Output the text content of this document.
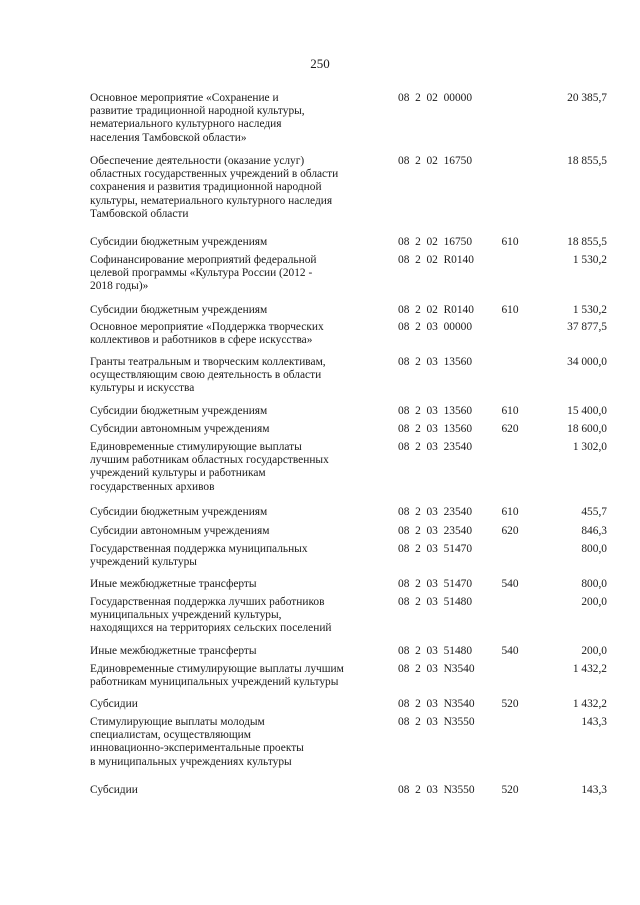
250
Основное мероприятие «Сохранение и
развитие традиционной народной культуры,
нематериального культурного наследия
населения Тамбовской области»
08  2  02  00000	20 385,7
Обеспечение деятельности (оказание услуг)
областных государственных учреждений в области
сохранения и развития традиционной народной
культуры, нематериального культурного наследия
Тамбовской области
08  2  02  16750	18 855,5
Субсидии бюджетным учреждениям	08  2  02  16750	610	18 855,5
Софинансирование мероприятий федеральной
целевой программы «Культура России (2012 -
2018 годы)»
08  2  02  R0140	1 530,2
Субсидии бюджетным учреждениям	08  2  02  R0140	610	1 530,2
Основное мероприятие «Поддержка творческих
коллективов и работников в сфере искусства»
08  2  03  00000	37 877,5
Гранты театральным и творческим коллективам,
осуществляющим свою деятельность в области
культуры и искусства
08  2  03  13560	34 000,0
Субсидии бюджетным учреждениям	08  2  03  13560	610	15 400,0
Субсидии автономным учреждениям	08  2  03  13560	620	18 600,0
Единовременные стимулирующие выплаты
лучшим работникам областных государственных
учреждений культуры и работникам
государственных архивов
08  2  03  23540	1 302,0
Субсидии бюджетным учреждениям	08  2  03  23540	610	455,7
Субсидии автономным учреждениям	08  2  03  23540	620	846,3
Государственная поддержка муниципальных
учреждений культуры
08  2  03  51470	800,0
Иные межбюджетные трансферты	08  2  03  51470	540	800,0
Государственная поддержка лучших работников
муниципальных учреждений культуры,
находящихся на территориях сельских поселений
08  2  03  51480	200,0
Иные межбюджетные трансферты	08  2  03  51480	540	200,0
Единовременные стимулирующие выплаты лучшим
работникам муниципальных учреждений культуры
08  2  03  N3540	1 432,2
Субсидии	08  2  03  N3540	520	1 432,2
Стимулирующие выплаты молодым
специалистам, осуществляющим
инновационно-экспериментальные проекты
в муниципальных учреждениях культуры
08  2  03  N3550	143,3
Субсидии	08  2  03  N3550	520	143,3
